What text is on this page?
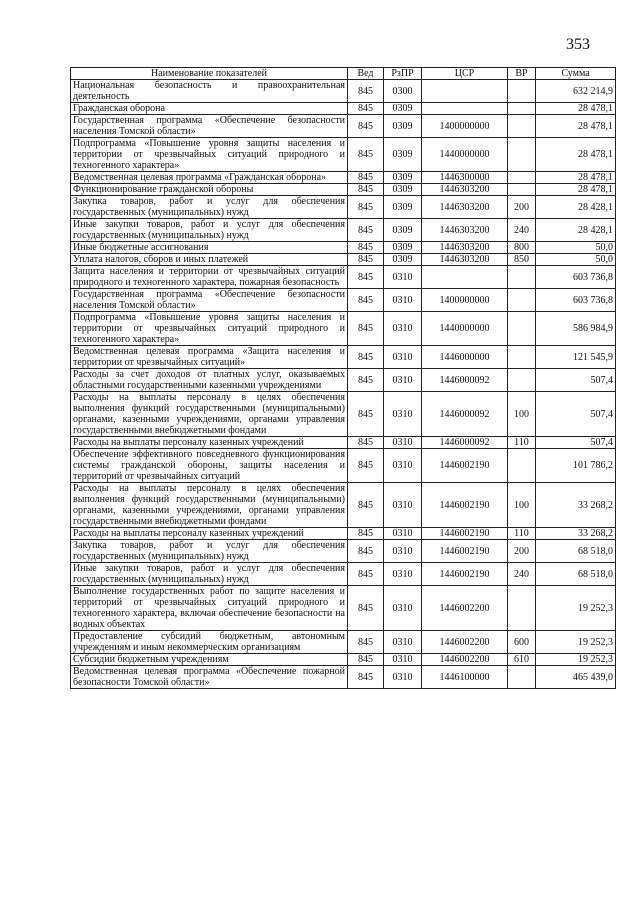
353
Наименование показателей	Вед	РзПР	ЦСР	ВР	Сумма
Национальная безопасность и правоохранительная деятельность	845	0300			632 214,9
Гражданская оборона	845	0309			28 478,1
Государственная программа «Обеспечение безопасности населения Томской области»	845	0309	1400000000		28 478,1
Подпрограмма «Повышение уровня защиты населения и территории от чрезвычайных ситуаций природного и техногенного характера»	845	0309	1440000000		28 478,1
Ведомственная целевая программа «Гражданская оборона»	845	0309	1446300000		28 478,1
Функционирование гражданской обороны	845	0309	1446303200		28 478,1
Закупка товаров, работ и услуг для обеспечения государственных (муниципальных) нужд	845	0309	1446303200	200	28 428,1
Иные закупки товаров, работ и услуг для обеспечения государственных (муниципальных) нужд	845	0309	1446303200	240	28 428,1
Иные бюджетные ассигнования	845	0309	1446303200	800	50,0
Уплата налогов, сборов и иных платежей	845	0309	1446303200	850	50,0
Защита населения и территории от чрезвычайных ситуаций природного и техногенного характера, пожарная безопасность	845	0310			603 736,8
Государственная программа «Обеспечение безопасности населения Томской области»	845	0310	1400000000		603 736,8
Подпрограмма «Повышение уровня защиты населения и территории от чрезвычайных ситуаций природного и техногенного характера»	845	0310	1440000000		586 984,9
Ведомственная целевая программа «Защита населения и территории от чрезвычайных ситуаций»	845	0310	1446000000		121 545,9
Расходы за счет доходов от платных услуг, оказываемых областными государственными казенными учреждениями	845	0310	1446000092		507,4
Расходы на выплаты персоналу в целях обеспечения выполнения функций государственными (муниципальными) органами, казенными учреждениями, органами управления государственными внебюджетными фондами	845	0310	1446000092	100	507,4
Расходы на выплаты персоналу казенных учреждений	845	0310	1446000092	110	507,4
Обеспечение эффективного повседневного функционирования системы гражданской обороны, защиты населения и территорий от чрезвычайных ситуаций	845	0310	1446002190		101 786,2
Расходы на выплаты персоналу в целях обеспечения выполнения функций государственными (муниципальными) органами, казенными учреждениями, органами управления государственными внебюджетными фондами	845	0310	1446002190	100	33 268,2
Расходы на выплаты персоналу казенных учреждений	845	0310	1446002190	110	33 268,2
Закупка товаров, работ и услуг для обеспечения государственных (муниципальных) нужд	845	0310	1446002190	200	68 518,0
Иные закупки товаров, работ и услуг для обеспечения государственных (муниципальных) нужд	845	0310	1446002190	240	68 518,0
Выполнение государственных работ по защите населения и территорий от чрезвычайных ситуаций природного и техногенного характера, включая обеспечение безопасности на водных объектах	845	0310	1446002200		19 252,3
Предоставление субсидий бюджетным, автономным учреждениям и иным некоммерческим организациям	845	0310	1446002200	600	19 252,3
Субсидии бюджетным учреждениям	845	0310	1446002200	610	19 252,3
Ведомственная целевая программа «Обеспечение пожарной безопасности Томской области»	845	0310	1446100000		465 439,0
